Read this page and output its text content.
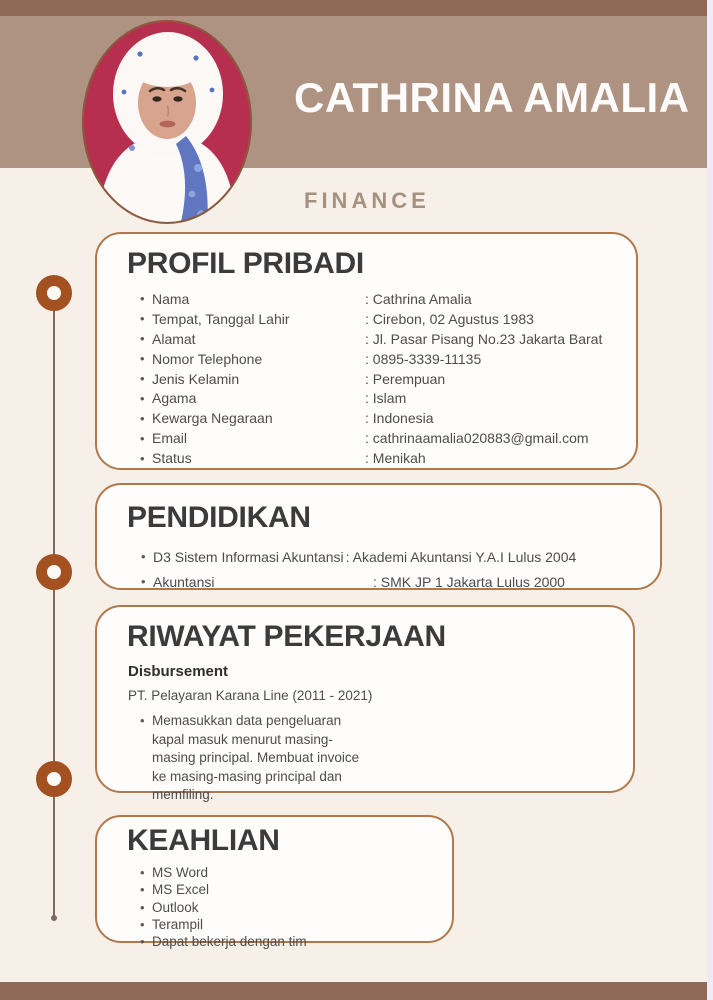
CATHRINA AMALIA
FINANCE
PROFIL PRIBADI
• Nama	: Cathrina Amalia
• Tempat, Tanggal Lahir	: Cirebon, 02 Agustus 1983
• Alamat	: Jl. Pasar Pisang No.23 Jakarta Barat
• Nomor Telephone	: 0895-3339-11135
• Jenis Kelamin	: Perempuan
• Agama	: Islam
• Kewarga Negaraan	: Indonesia
• Email	: cathrinaamalia020883@gmail.com
• Status	: Menikah
PENDIDIKAN
• D3 Sistem Informasi Akuntansi : Akademi Akuntansi Y.A.I Lulus 2004
• Akuntansi	: SMK JP 1 Jakarta Lulus 2000
RIWAYAT PEKERJAAN
Disbursement
PT. Pelayaran Karana Line (2011 - 2021)
• Memasukkan data pengeluaran kapal masuk menurut masing-masing principal. Membuat invoice ke masing-masing principal dan memfiling.
KEAHLIAN
• MS Word
• MS Excel
• Outlook
• Terampil
• Dapat bekerja dengan tim
